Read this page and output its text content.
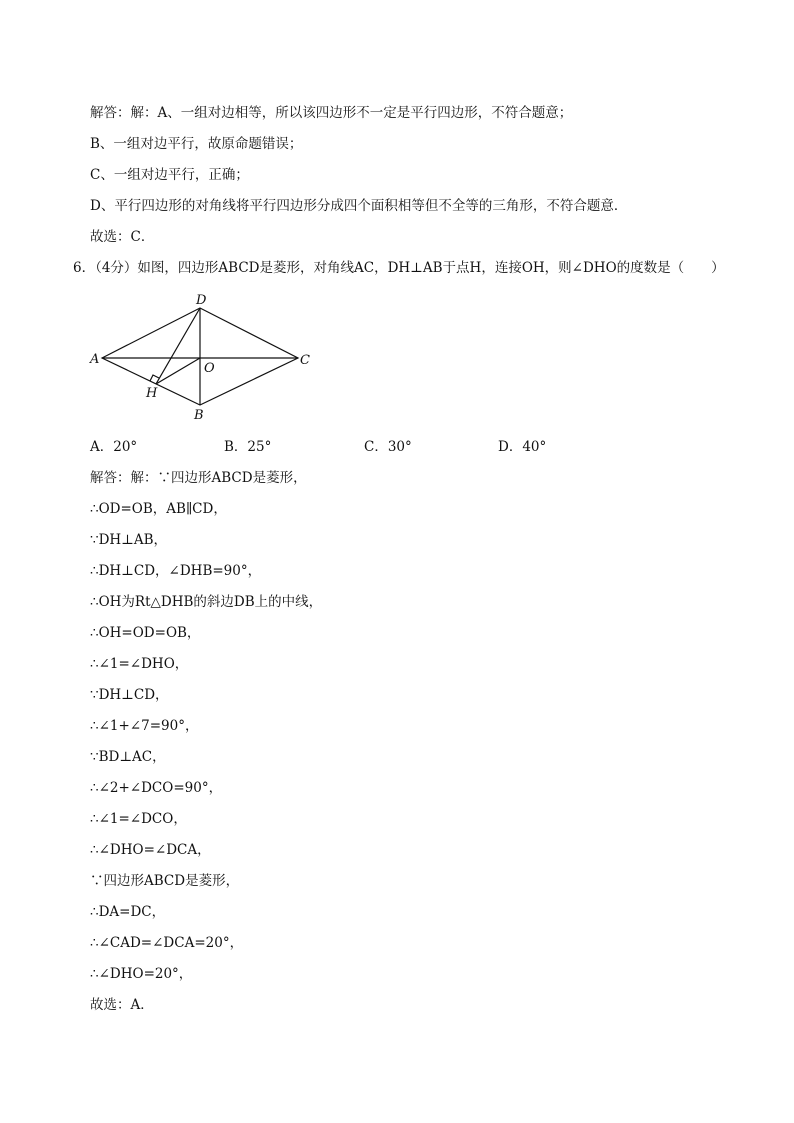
解答：解：A、一组对边相等，所以该四边形不一定是平行四边形，不符合题意；
B、一组对边平行，故原命题错误；
C、一组对边平行，正确；
D、平行四边形的对角线将平行四边形分成四个面积相等但不全等的三角形，不符合题意．
故选：C．
6．（4分）如图，四边形ABCD是菱形，对角线AC，DH⊥AB于点H，连接OH，则∠DHO的度数是（　　）
A
D
C
B
O
H
A．20°	B．25°	C．30°	D．40°
解答：解：∵四边形ABCD是菱形，
∴OD=OB，AB∥CD，
∵DH⊥AB，
∴DH⊥CD，∠DHB=90°，
∴OH为Rt△DHB的斜边DB上的中线，
∴OH=OD=OB，
∴∠1=∠DHO，
∵DH⊥CD，
∴∠1+∠7=90°，
∵BD⊥AC，
∴∠2+∠DCO=90°，
∴∠1=∠DCO，
∴∠DHO=∠DCA，
∵四边形ABCD是菱形，
∴DA=DC，
∴∠CAD=∠DCA=20°，
∴∠DHO=20°，
故选：A．
